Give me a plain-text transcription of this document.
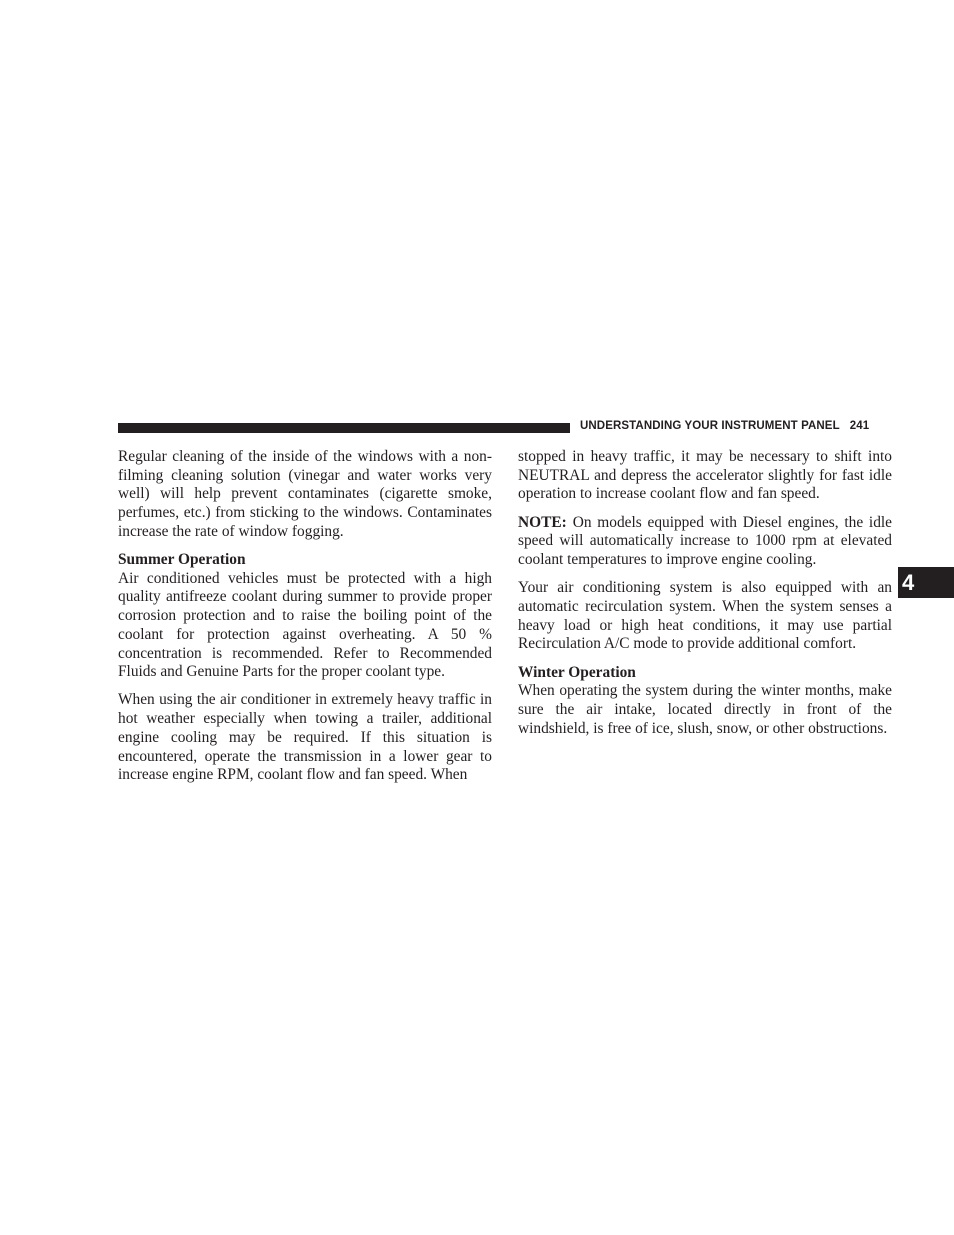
UNDERSTANDING YOUR INSTRUMENT PANEL 241
4

Regular cleaning of the inside of the windows with a non-filming cleaning solution (vinegar and water works very well) will help prevent contaminates (cigarette smoke, perfumes, etc.) from sticking to the windows. Contaminates increase the rate of window fogging.

Summer Operation

Air conditioned vehicles must be protected with a high quality antifreeze coolant during summer to provide proper corrosion protection and to raise the boiling point of the coolant for protection against overheating. A 50 % concentration is recommended. Refer to Recommended Fluids and Genuine Parts for the proper coolant type.

When using the air conditioner in extremely heavy traffic in hot weather especially when towing a trailer, additional engine cooling may be required. If this situation is encountered, operate the transmission in a lower gear to increase engine RPM, coolant flow and fan speed. When

stopped in heavy traffic, it may be necessary to shift into NEUTRAL and depress the accelerator slightly for fast idle operation to increase coolant flow and fan speed.

NOTE: On models equipped with Diesel engines, the idle speed will automatically increase to 1000 rpm at elevated coolant temperatures to improve engine cooling.

Your air conditioning system is also equipped with an automatic recirculation system. When the system senses a heavy load or high heat conditions, it may use partial Recirculation A/C mode to provide additional comfort.

Winter Operation

When operating the system during the winter months, make sure the air intake, located directly in front of the windshield, is free of ice, slush, snow, or other obstructions.
